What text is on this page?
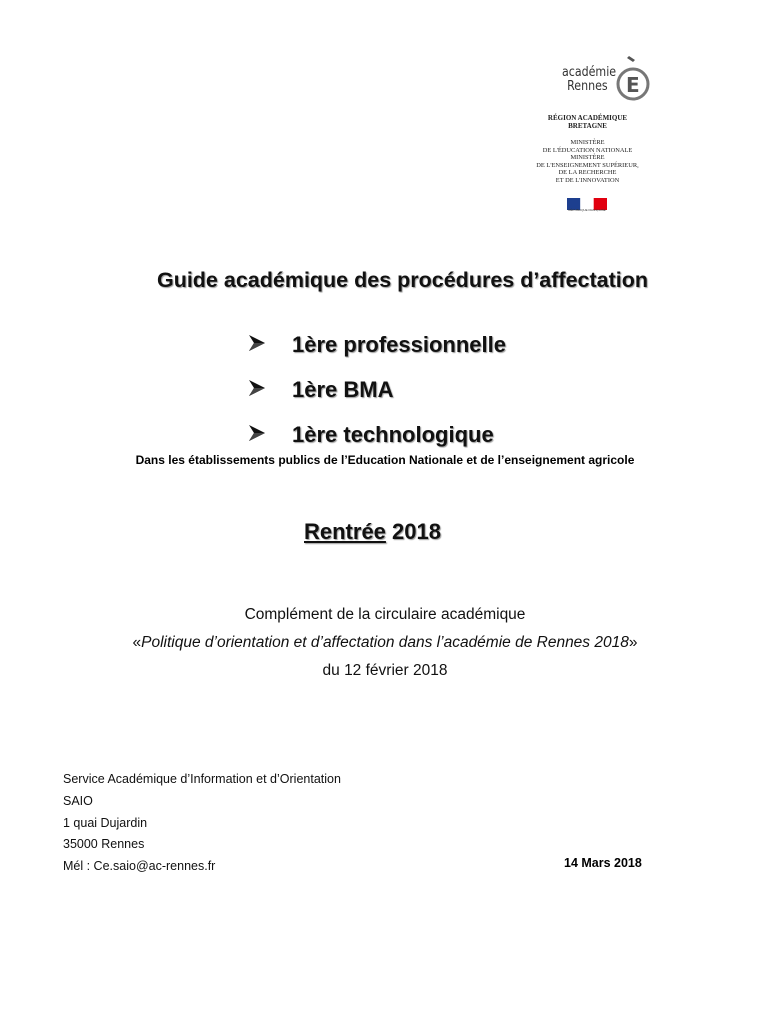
académie
Rennes E
RÉGION ACADÉMIQUE
BRETAGNE
MINISTÈRE
DE L'ÉDUCATION NATIONALE
MINISTÈRE
DE L'ENSEIGNEMENT SUPÉRIEUR,
DE LA RECHERCHE
ET DE L'INNOVATION
RÉPUBLIQUE FRANÇAISE
Guide académique des procédures d’affectation
1ère professionnelle
1ère BMA
1ère technologique
Dans les établissements publics de l’Education Nationale et de l’enseignement agricole
Rentrée 2018
Complément de la circulaire académique
«Politique d’orientation et d’affectation dans l’académie de Rennes 2018»
du 12 février 2018
Service Académique d’Information et d’Orientation
SAIO
1 quai Dujardin
35000 Rennes
Mél : Ce.saio@ac-rennes.fr	14 Mars 2018
